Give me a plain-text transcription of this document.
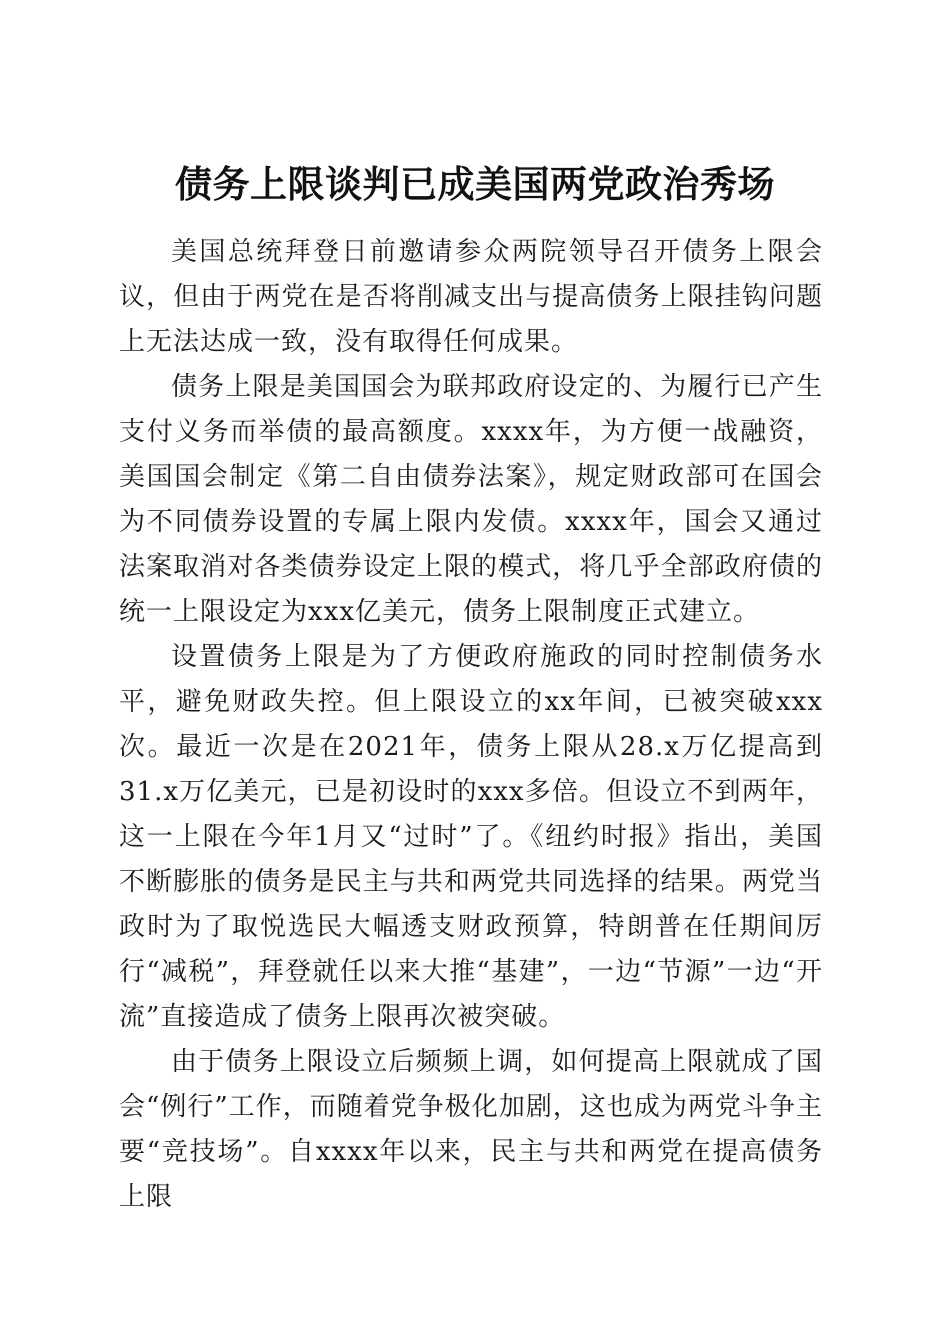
债务上限谈判已成美国两党政治秀场

美国总统拜登日前邀请参众两院领导召开债务上限会议，但由于两党在是否将削减支出与提高债务上限挂钩问题上无法达成一致，没有取得任何成果。

债务上限是美国国会为联邦政府设定的、为履行已产生支付义务而举债的最高额度。xxxx年，为方便一战融资，美国国会制定《第二自由债券法案》，规定财政部可在国会为不同债券设置的专属上限内发债。xxxx年，国会又通过法案取消对各类债券设定上限的模式，将几乎全部政府债的统一上限设定为xxx亿美元，债务上限制度正式建立。

设置债务上限是为了方便政府施政的同时控制债务水平，避免财政失控。但上限设立的xx年间，已被突破xxx次。最近一次是在2021年，债务上限从28.x万亿提高到31.x万亿美元，已是初设时的xxx多倍。但设立不到两年，这一上限在今年1月又“过时”了。《纽约时报》指出，美国不断膨胀的债务是民主与共和两党共同选择的结果。两党当政时为了取悦选民大幅透支财政预算，特朗普在任期间厉行“减税”，拜登就任以来大推“基建”，一边“节源”一边“开流”直接造成了债务上限再次被突破。

由于债务上限设立后频频上调，如何提高上限就成了国会“例行”工作，而随着党争极化加剧，这也成为两党斗争主要“竞技场”。自xxxx年以来，民主与共和两党在提高债务上限
